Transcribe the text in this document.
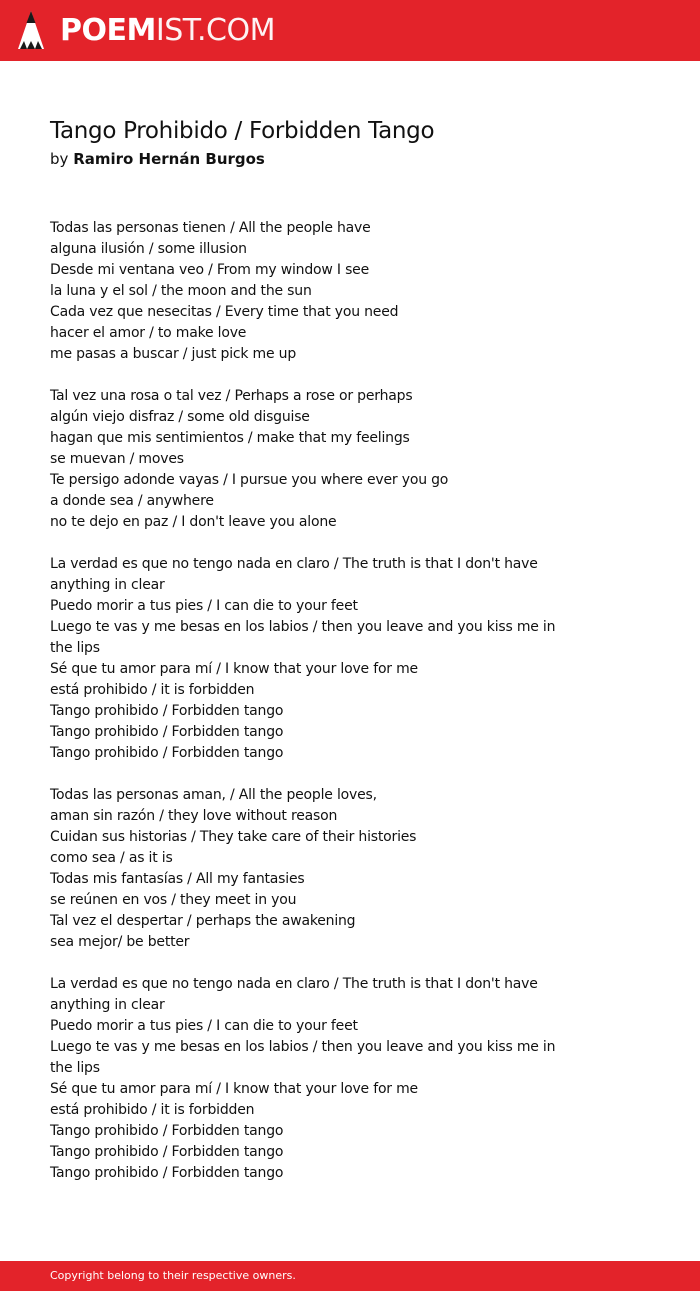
POEMIST.COM
Tango Prohibido / Forbidden Tango

by Ramiro Hernán Burgos

Todas las personas tienen / All the people have
alguna ilusión / some illusion
Desde mi ventana veo / From my window I see
la luna y el sol / the moon and the sun
Cada vez que nesecitas / Every time that you need
hacer el amor / to make love
me pasas a buscar / just pick me up
Tal vez una rosa o tal vez / Perhaps a rose or perhaps
algún viejo disfraz / some old disguise
hagan que mis sentimientos / make that my feelings
se muevan / moves
Te persigo adonde vayas / I pursue you where ever you go
a donde sea / anywhere
no te dejo en paz / I don't leave you alone
La verdad es que no tengo nada en claro / The truth is that I don't have
anything in clear
Puedo morir a tus pies / I can die to your feet
Luego te vas y me besas en los labios / then you leave and you kiss me in
the lips
Sé que tu amor para mí / I know that your love for me
está prohibido / it is forbidden
Tango prohibido / Forbidden tango
Tango prohibido / Forbidden tango
Tango prohibido / Forbidden tango
Todas las personas aman, / All the people loves,
aman sin razón / they love without reason
Cuidan sus historias / They take care of their histories
como sea / as it is
Todas mis fantasías / All my fantasies
se reúnen en vos / they meet in you
Tal vez el despertar / perhaps the awakening
sea mejor/ be better
La verdad es que no tengo nada en claro / The truth is that I don't have
anything in clear
Puedo morir a tus pies / I can die to your feet
Luego te vas y me besas en los labios / then you leave and you kiss me in
the lips
Sé que tu amor para mí / I know that your love for me
está prohibido / it is forbidden
Tango prohibido / Forbidden tango
Tango prohibido / Forbidden tango
Tango prohibido / Forbidden tango
Copyright belong to their respective owners.
